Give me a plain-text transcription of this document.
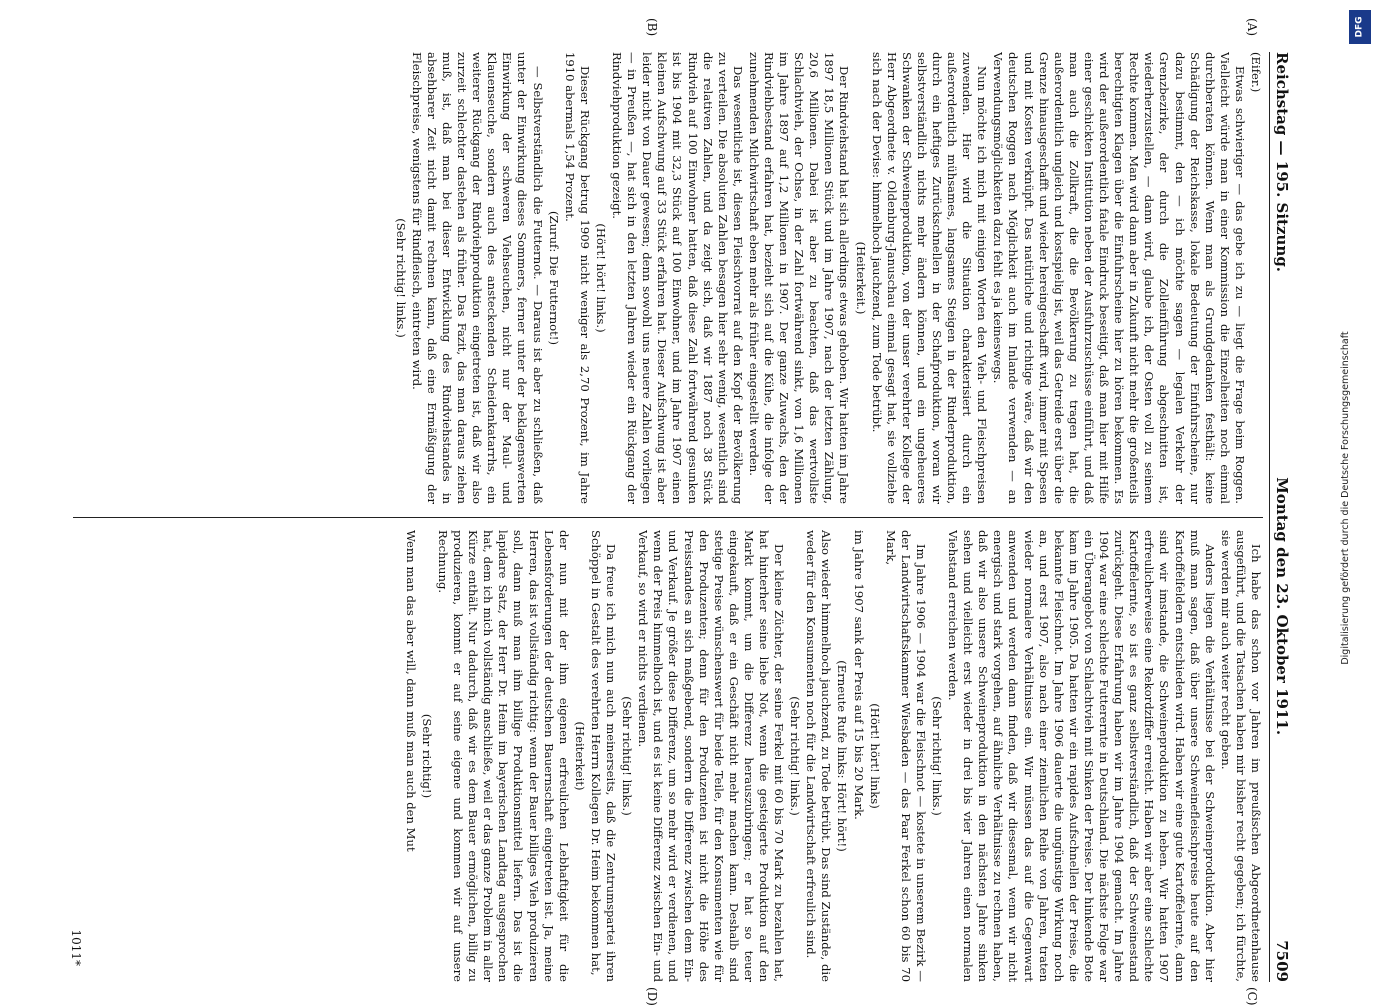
Reichstag — 195. Sitzung.
Montag den 23. Oktober 1911.
7509
(A)
(B)
(C)
(D)

(Eifer.)

Etwas schwieriger — das gebe ich zu — liegt die Frage beim Roggen. Vielleicht würde man in einer Kommission die Einzelheiten noch einmal durchberaten können. Wenn man als Grundgedanken festhält: keine Schädigung der Reichskasse, lokale Bedeutung der Einfuhrscheine, nur dazu bestimmt, den — ich möchte sagen — legalen Verkehr der Grenzbezirke, der durch die Zolleinführung abgeschnitten ist, wiederherzustellen, — dann wird, glaube ich, der Osten voll zu seinem Rechte kommen. Man wird dann aber in Zukunft nicht mehr die großenteils berechtigten Klagen über die Einfuhrscheine hier zu hören bekommen. Es wird der außerordentlich fatale Eindruck beseitigt, daß man hier mit Hilfe einer geschickten Institution neben der Ausfuhrzuschüsse einführt, und daß man auch die Zollkraft, die die Bevölkerung zu tragen hat, die außerordentlich ungleich und kostspielig ist, weil das Getreide erst über die Grenze hinausgeschafft und wieder hereingeschafft wird, immer mit Spesen und mit Kosten verknüpft. Das natürliche und richtige wäre, daß wir den deutschen Roggen nach Möglichkeit auch im Inlande verwenden — an Verwendungsmöglichkeiten dazu fehlt es ja keineswegs.

Nun möchte ich mich mit einigen Worten den Vieh- und Fleischpreisen zuwenden. Hier wird die Situation charakterisiert durch ein außerordentlich mühsames, langsames Steigen in der Rinderproduktion, durch ein heftiges Zurückschnellen in der Schafproduktion, woran wir selbstverständlich nichts mehr ändern können, und ein ungeheueres Schwanken der Schweineproduktion, von der unser verehrter Kollege der Herr Abgeordnete v. Oldenburg-Januschau einmal gesagt hat, sie vollziehe sich nach der Devise: himmelhoch jauchzend, zum Tode betrübt.

(Heiterkeit.)

Der Rindviehstand hat sich allerdings etwas gehoben. Wir hatten im Jahre 1897 18,5 Millionen Stück und im Jahre 1907, nach der letzten Zählung, 20,6 Millionen. Dabei ist aber zu beachten, daß das wertvollste Schlachtvieh, der Ochse, in der Zahl fortwährend sinkt, von 1,6 Millionen im Jahre 1897 auf 1,2 Millionen in 1907. Der ganze Zuwachs, den der Rindviehbestand erfahren hat, bezieht sich auf die Kühe, die infolge der zunehmenden Milchwirtschaft eben mehr als früher eingestellt werden.

Das wesentliche ist, diesen Fleischvorrat auf den Kopf der Bevölkerung zu verteilen. Die absoluten Zahlen besagen hier sehr wenig, wesentlich sind die relativen Zahlen, und da zeigt sich, daß wir 1887 noch 38 Stück Rindvieh auf 100 Einwohner hatten, daß diese Zahl fortwährend gesunken ist bis 1904 mit 32,3 Stück auf 100 Einwohner, und im Jahre 1907 einen kleinen Aufschwung auf 33 Stück erfahren hat. Dieser Aufschwung ist aber leider nicht von Dauer gewesen; denn sowohl uns neuere Zahlen vorliegen — in Preußen —, hat sich in den letzten Jahren wieder ein Rückgang der Rindviehproduktion gezeigt.

(Hört! hört! links.)

Dieser Rückgang betrug 1909 nicht weniger als 2,70 Prozent, im Jahre 1910 abermals 1,54 Prozent.

(Zuruf: Die Futternot!)

— Selbstverständlich die Futternot. — Daraus ist aber zu schließen, daß unter der Einwirkung dieses Sommers, ferner unter der beklagenswerten Einwirkung der schweren Viehseuchen, nicht nur der Maul- und Klauenseuche, sondern auch des ansteckenden Scheidenkatarrhs, ein weiterer Rückgang der Rindviehproduktion eingetreten ist, daß wir also zurzeit schlechter dastehen als früher. Das Fazit, das man daraus ziehen muß, ist, daß man bei dieser Entwicklung des Rindviehstandes in absehbarer Zeit nicht damit rechnen kann, daß eine Ermäßigung der Fleischpreise, wenigstens für Rindfleisch, eintreten wird.

(Sehr richtig! links.)

Ich habe das schon vor Jahren im preußischen Abgeordnetenhause ausgeführt, und die Tatsachen haben mir bisher recht gegeben; ich fürchte, sie werden mir auch weiter recht geben.

Anders liegen die Verhältnisse bei der Schweineproduktion. Aber hier muß man sagen, daß über unsere Schweinefleischpreise heute auf den Kartoffelfeldern entschieden wird. Haben wir eine gute Kartoffelernte, dann sind wir imstande, die Schweineproduktion zu heben. Wir hatten 1907 erfreulicherweise eine Rekordziffer erreicht. Haben wir aber eine schlechte Kartoffelernte, so ist es ganz selbstverständlich, daß der Schweinestand zurückgeht. Diese Erfahrung haben wir im Jahre 1904 gemacht. Im Jahre 1904 war eine schlechte Futterernte in Deutschland. Die nächste Folge war ein Überangebot von Schlachtvieh mit Sinken der Preise. Der hinkende Bote kam im Jahre 1905. Da hatten wir ein rapides Aufschnellen der Preise, die bekannte Fleischnot. Im Jahre 1906 dauerte die ungünstige Wirkung noch an, und erst 1907, also nach einer ziemlichen Reihe von Jahren, traten wieder normalere Verhältnisse ein. Wir müssen das auf die Gegenwart anwenden und werden dann finden, daß wir diesesmal, wenn wir nicht energisch und stark vorgehen, auf ähnliche Verhältnisse zu rechnen haben, daß wir also unsere Schweineproduktion in den nächsten Jahre sinken sehen und vielleicht erst wieder in drei bis vier Jahren einen normalen Viehstand erreichen werden.

(Sehr richtig! links.)

Im Jahre 1906 — 1904 war die Fleischnot — kostete in unserem Bezirk — der Landwirtschaftskammer Wiesbaden — das Paar Ferkel schon 60 bis 70 Mark,

(Hört! hört! links)

im Jahre 1907 sank der Preis auf 15 bis 20 Mark.

(Erneute Rufe links: Hört! hört!)

Also wieder himmelhoch jauchzend, zu Tode betrübt. Das sind Zustände, die weder für den Konsumenten noch für die Landwirtschaft erfreulich sind.

(Sehr richtig! links.)

Der kleine Züchter, der seine Ferkel mit 60 bis 70 Mark zu bezahlen hat, hat hinterher seine liebe Not, wenn die gesteigerte Produktion auf den Markt kommt, um die Differenz herauszubringen; er hat so teuer eingekauft, daß er ein Geschäft nicht mehr machen kann. Deshalb sind stetige Preise wünschenswert für beide Teile, für den Konsumenten wie für den Produzenten; denn für den Produzenten ist nicht die Höhe des Preisstandes an sich maßgebend, sondern die Differenz zwischen dem Ein- und Verkauf. Je größer diese Differenz, um so mehr wird er verdienen, und wenn der Preis himmelhoch ist, und es ist keine Differenz zwischen Ein- und Verkauf, so wird er nichts verdienen.

(Sehr richtig! links.)

Da freue ich mich nun auch meinerseits, daß die Zentrumspartei ihren Schöppel in Gestalt des verehrten Herrn Kollegen Dr. Heim bekommen hat,

(Heiterkeit)

der nun mit der ihm eigenen erfreulichen Lebhaftigkeit für die Lebensforderungen der deutschen Bauernschaft eingetreten ist. Ja, meine Herren, das ist vollständig richtig: wenn der Bauer billiges Vieh produzieren soll, dann muß man ihm billige Produktionsmittel liefern. Das ist die lapidare Satz, der Herr Dr. Heim im bayerischen Landtag ausgesprochen hat, dem ich mich vollständig anschließe, weil er das ganze Problem in aller Kürze enthält. Nur dadurch, daß wir es dem Bauer ermöglichen, billig zu produzieren, kommt er auf seine eigene und kommen wir auf unsere Rechnung.

(Sehr richtig!)

Wenn man das aber will, dann muß man auch den Mut

1011*
Digitalisierung gefördert durch die Deutsche Forschungsgemeinschaft
DFG
